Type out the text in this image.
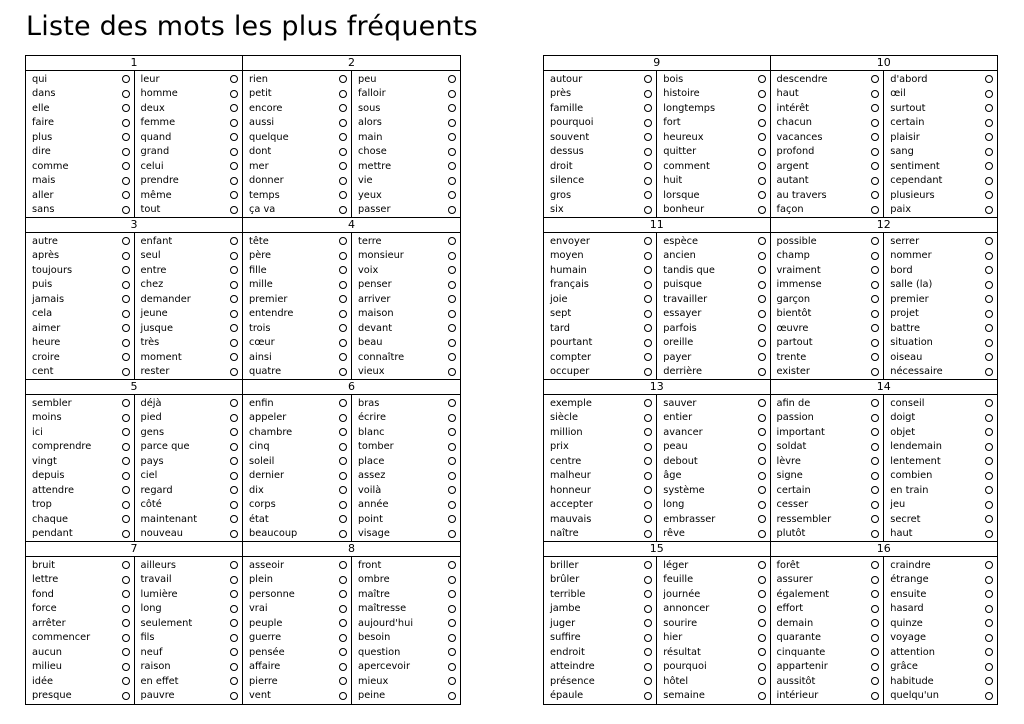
Liste des mots les plus fréquents
1
qui
dans
elle
faire
plus
dire
comme
mais
aller
sans
leur
homme
deux
femme
quand
grand
celui
prendre
même
tout
2
rien
petit
encore
aussi
quelque
dont
mer
donner
temps
ça va
peu
falloir
sous
alors
main
chose
mettre
vie
yeux
passer
3
autre
après
toujours
puis
jamais
cela
aimer
heure
croire
cent
enfant
seul
entre
chez
demander
jeune
jusque
très
moment
rester
4
tête
père
fille
mille
premier
entendre
trois
cœur
ainsi
quatre
terre
monsieur
voix
penser
arriver
maison
devant
beau
connaître
vieux
5
sembler
moins
ici
comprendre
vingt
depuis
attendre
trop
chaque
pendant
déjà
pied
gens
parce que
pays
ciel
regard
côté
maintenant
nouveau
6
enfin
appeler
chambre
cinq
soleil
dernier
dix
corps
état
beaucoup
bras
écrire
blanc
tomber
place
assez
voilà
année
point
visage
7
bruit
lettre
fond
force
arrêter
commencer
aucun
milieu
idée
presque
ailleurs
travail
lumière
long
seulement
fils
neuf
raison
en effet
pauvre
8
asseoir
plein
personne
vrai
peuple
guerre
pensée
affaire
pierre
vent
front
ombre
maître
maîtresse
aujourd'hui
besoin
question
apercevoir
mieux
peine
9
autour
près
famille
pourquoi
souvent
dessus
droit
silence
gros
six
bois
histoire
longtemps
fort
heureux
quitter
comment
huit
lorsque
bonheur
10
descendre
haut
intérêt
chacun
vacances
profond
argent
autant
au travers
façon
d'abord
œil
surtout
certain
plaisir
sang
sentiment
cependant
plusieurs
paix
11
envoyer
moyen
humain
français
joie
sept
tard
pourtant
compter
occuper
espèce
ancien
tandis que
puisque
travailler
essayer
parfois
oreille
payer
derrière
12
possible
champ
vraiment
immense
garçon
bientôt
œuvre
partout
trente
exister
serrer
nommer
bord
salle (la)
premier
projet
battre
situation
oiseau
nécessaire
13
exemple
siècle
million
prix
centre
malheur
honneur
accepter
mauvais
naître
sauver
entier
avancer
peau
debout
âge
système
long
embrasser
rêve
14
afin de
passion
important
soldat
lèvre
signe
certain
cesser
ressembler
plutôt
conseil
doigt
objet
lendemain
lentement
combien
en train
jeu
secret
haut
15
briller
brûler
terrible
jambe
juger
suffire
endroit
atteindre
présence
épaule
léger
feuille
journée
annoncer
sourire
hier
résultat
pourquoi
hôtel
semaine
16
forêt
assurer
également
effort
demain
quarante
cinquante
appartenir
aussitôt
intérieur
craindre
étrange
ensuite
hasard
quinze
voyage
attention
grâce
habitude
quelqu'un
